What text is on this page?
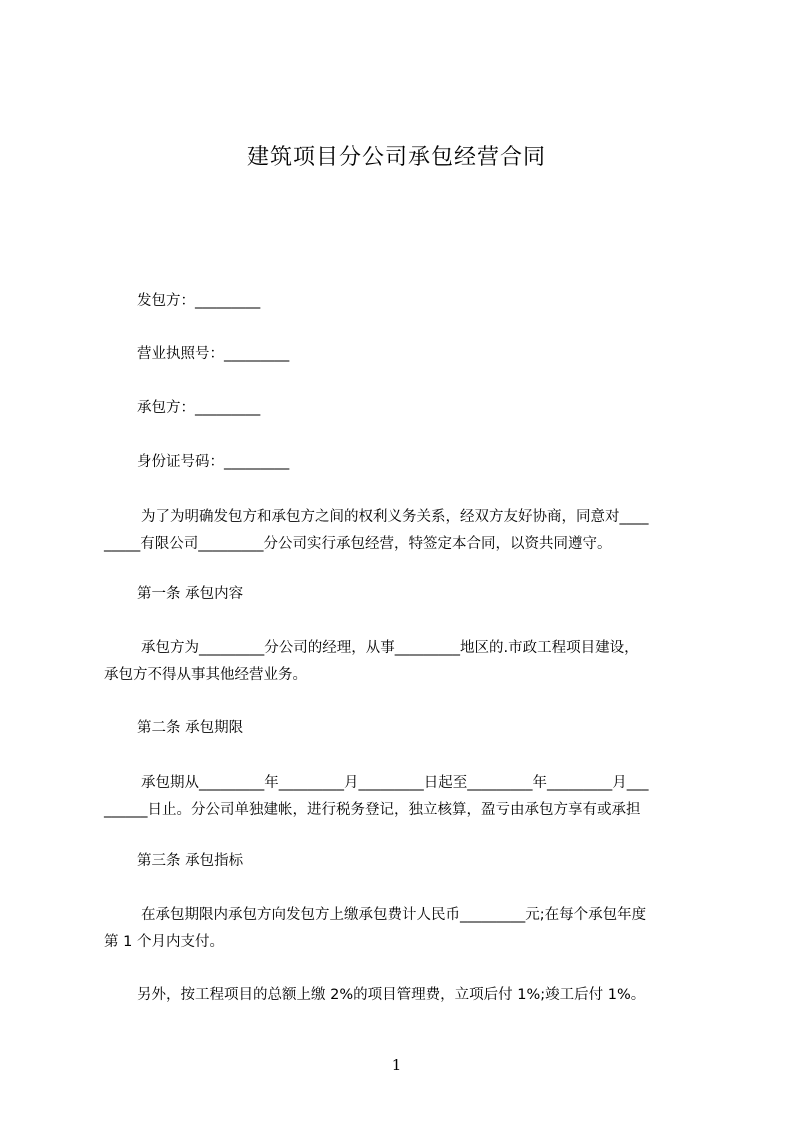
建筑项目分公司承包经营合同

发包方：_________

营业执照号：_________

承包方：_________

身份证号码：_________

为了为明确发包方和承包方之间的权利义务关系，经双方友好协商，同意对____

_____有限公司_________分公司实行承包经营，特签定本合同，以资共同遵守。

第一条 承包内容

承包方为_________分公司的经理，从事_________地区的.市政工程项目建设，

承包方不得从事其他经营业务。

第二条 承包期限

承包期从_________年_________月_________日起至_________年_________月___

______日止。分公司单独建帐，进行税务登记，独立核算，盈亏由承包方享有或承担

第三条 承包指标

在承包期限内承包方向发包方上缴承包费计人民币_________元;在每个承包年度

第 1 个月内支付。

另外，按工程项目的总额上缴 2%的项目管理费，立项后付 1%;竣工后付 1%。

1
